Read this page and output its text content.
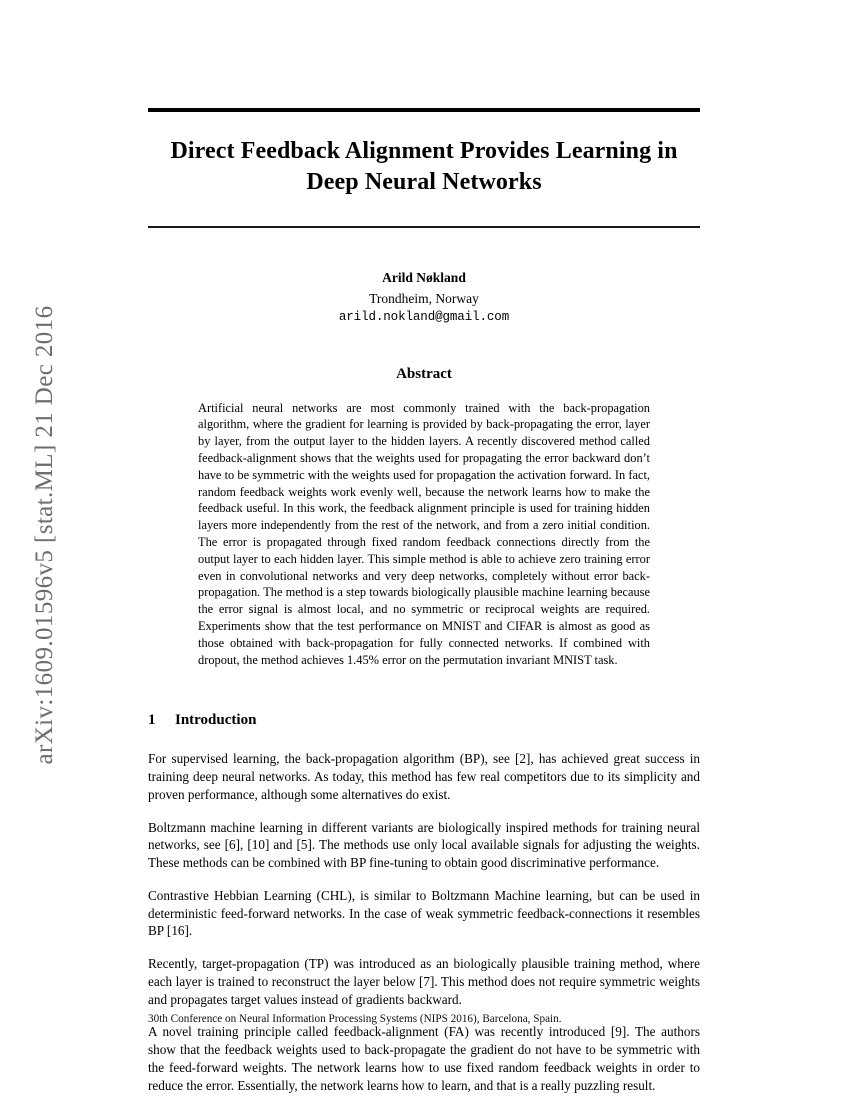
arXiv:1609.01596v5 [stat.ML] 21 Dec 2016
Direct Feedback Alignment Provides Learning in Deep Neural Networks
Arild Nøkland
Trondheim, Norway
arild.nokland@gmail.com
Abstract
Artificial neural networks are most commonly trained with the back-propagation algorithm, where the gradient for learning is provided by back-propagating the error, layer by layer, from the output layer to the hidden layers. A recently discovered method called feedback-alignment shows that the weights used for propagating the error backward don’t have to be symmetric with the weights used for propagation the activation forward. In fact, random feedback weights work evenly well, because the network learns how to make the feedback useful. In this work, the feedback alignment principle is used for training hidden layers more independently from the rest of the network, and from a zero initial condition. The error is propagated through fixed random feedback connections directly from the output layer to each hidden layer. This simple method is able to achieve zero training error even in convolutional networks and very deep networks, completely without error back-propagation. The method is a step towards biologically plausible machine learning because the error signal is almost local, and no symmetric or reciprocal weights are required. Experiments show that the test performance on MNIST and CIFAR is almost as good as those obtained with back-propagation for fully connected networks. If combined with dropout, the method achieves 1.45% error on the permutation invariant MNIST task.
1 Introduction
For supervised learning, the back-propagation algorithm (BP), see [2], has achieved great success in training deep neural networks. As today, this method has few real competitors due to its simplicity and proven performance, although some alternatives do exist.
Boltzmann machine learning in different variants are biologically inspired methods for training neural networks, see [6], [10] and [5]. The methods use only local available signals for adjusting the weights. These methods can be combined with BP fine-tuning to obtain good discriminative performance.
Contrastive Hebbian Learning (CHL), is similar to Boltzmann Machine learning, but can be used in deterministic feed-forward networks. In the case of weak symmetric feedback-connections it resembles BP [16].
Recently, target-propagation (TP) was introduced as an biologically plausible training method, where each layer is trained to reconstruct the layer below [7]. This method does not require symmetric weights and propagates target values instead of gradients backward.
A novel training principle called feedback-alignment (FA) was recently introduced [9]. The authors show that the feedback weights used to back-propagate the gradient do not have to be symmetric with the feed-forward weights. The network learns how to use fixed random feedback weights in order to reduce the error. Essentially, the network learns how to learn, and that is a really puzzling result.
30th Conference on Neural Information Processing Systems (NIPS 2016), Barcelona, Spain.
